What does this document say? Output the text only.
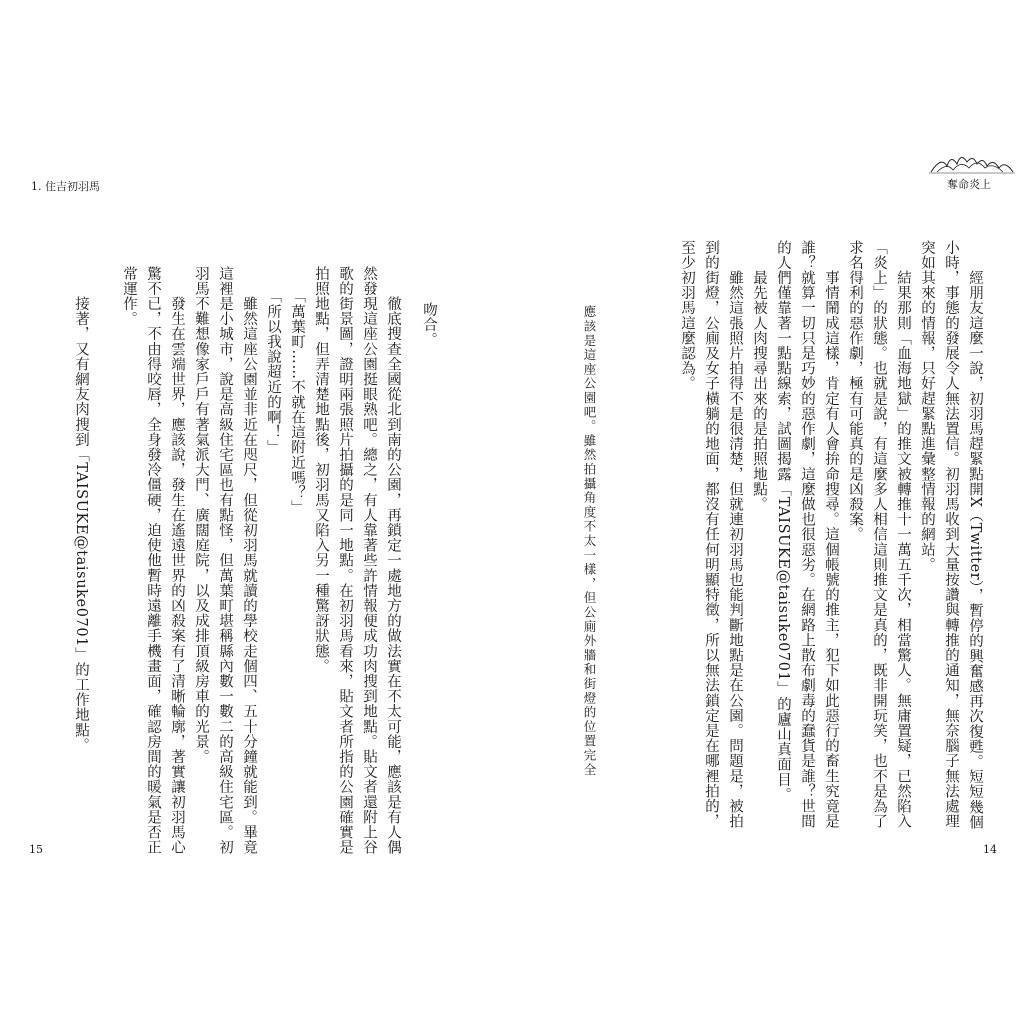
1. 住吉初羽馬
　　吻合。
　　徹底搜查全國從北到南的公園，再鎖定一處地方的做法實在不太可能，應該是有人偶
然發現這座公園挺眼熟吧。總之，有人靠著些許情報便成功肉搜到地點。貼文者還附上谷
歌的街景圖，證明兩張照片拍攝的是同一地點。在初羽馬看來，貼文者所指的公園確實是
拍照地點，但弄清楚地點後，初羽馬又陷入另一種驚訝狀態。
　　「萬葉町……不就在這附近嗎？」
　　「所以我說超近的啊！」
　　雖然這座公園並非近在咫尺，但從初羽馬就讀的學校走個四、五十分鐘就能到。畢竟
這裡是小城市，說是高級住宅區也有點怪，但萬葉町堪稱縣內數一數二的高級住宅區。初
羽馬不難想像家戶戶有著氣派大門、廣闊庭院，以及成排頂級房車的光景。
　　發生在雲端世界，應該說，發生在遙遠世界的凶殺案有了清晰輪廓，著實讓初羽馬心
驚不已，不由得咬唇，全身發冷僵硬，迫使他暫時遠離手機畫面，確認房間的暖氣是否正
常運作。
　　接著，又有網友肉搜到「TAISUKE@taisuke0701」的工作地點。
15
奪命炎上
　　經朋友這麼一說，初羽馬趕緊點開X（Twitter），暫停的興奮感再次復甦。短短幾個
小時，事態的發展令人無法置信。初羽馬收到大量按讚與轉推的通知，無奈腦子無法處理
突如其來的情報，只好趕緊點進彙整情報的網站。
　　結果那則「血海地獄」的推文被轉推十一萬五千次，相當驚人。無庸置疑，已然陷入
「炎上」的狀態。也就是說，有這麼多人相信這則推文是真的，既非開玩笑，也不是為了
求名得利的惡作劇，極有可能真的是凶殺案。
　　事情鬧成這樣，肯定有人會拚命搜尋。這個帳號的推主，犯下如此惡行的畜生究竟是
誰？就算一切只是巧妙的惡作劇，這麼做也很惡劣。在網路上散布劇毒的蠢貨是誰？世間
的人們僅靠著一點點線索，試圖揭露「TAISUKE@taisuke0701」的廬山真面目。
　　最先被人肉搜尋出來的是拍照地點。
　　雖然這張照片拍得不是很清楚，但就連初羽馬也能判斷地點是在公園。問題是，被拍
到的街燈，公廁及女子橫躺的地面，都沒有任何明顯特徵，所以無法鎖定是在哪裡拍的，
至少初羽馬這麼認為。
　　　　應該是這座公園吧。雖然拍攝角度不太一樣，但公廁外牆和街燈的位置完全
14
